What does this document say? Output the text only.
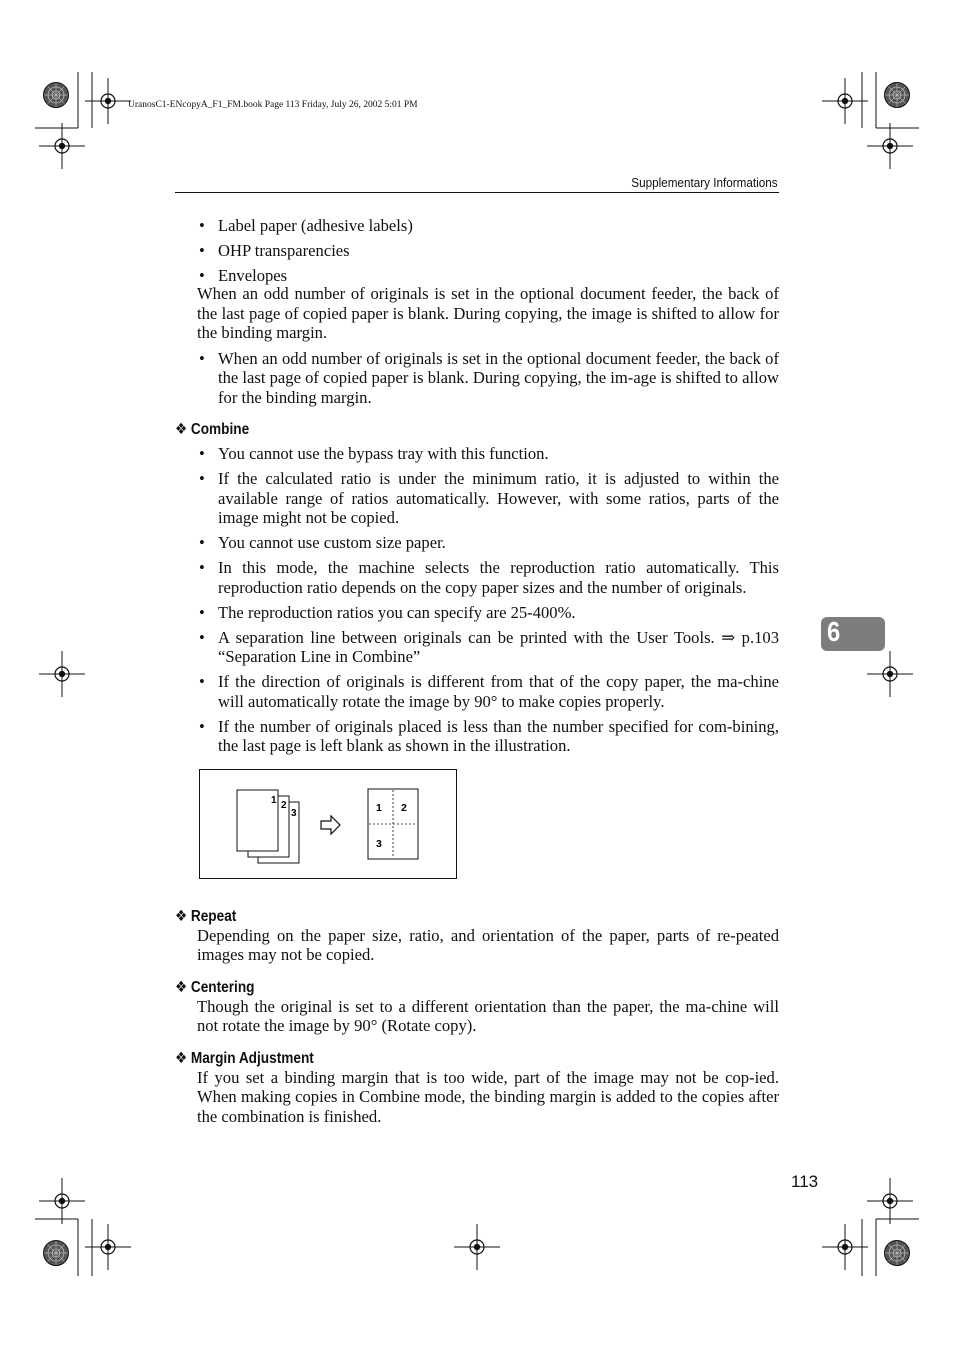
UranosC1-ENcopyA_F1_FM.book Page 113 Friday, July 26, 2002 5:01 PM
Supplementary Informations
6
• Label paper (adhesive labels)
• OHP transparencies
• Envelopes
When an odd number of originals is set in the optional document feeder, the back of the last page of copied paper is blank. During copying, the image is shifted to allow for the binding margin.
• When an odd number of originals is set in the optional document feeder, the back of the last page of copied paper is blank. During copying, the im-age is shifted to allow for the binding margin.
❖ Combine
• You cannot use the bypass tray with this function.
• If the calculated ratio is under the minimum ratio, it is adjusted to within the available range of ratios automatically. However, with some ratios, parts of the image might not be copied.
• You cannot use custom size paper.
• In this mode, the machine selects the reproduction ratio automatically. This reproduction ratio depends on the copy paper sizes and the number of originals.
• The reproduction ratios you can specify are 25-400%.
• A separation line between originals can be printed with the User Tools. ⇒ p.103 “Separation Line in Combine”
• If the direction of originals is different from that of the copy paper, the ma-chine will automatically rotate the image by 90° to make copies properly.
• If the number of originals placed is less than the number specified for com-bining, the last page is left blank as shown in the illustration.
1 2
3	1 2
3
❖ Repeat
Depending on the paper size, ratio, and orientation of the paper, parts of re-peated images may not be copied.
❖ Centering
Though the original is set to a different orientation than the paper, the ma-chine will not rotate the image by 90° (Rotate copy).
❖ Margin Adjustment
If you set a binding margin that is too wide, part of the image may not be cop-ied. When making copies in Combine mode, the binding margin is added to the copies after the combination is finished.
113
